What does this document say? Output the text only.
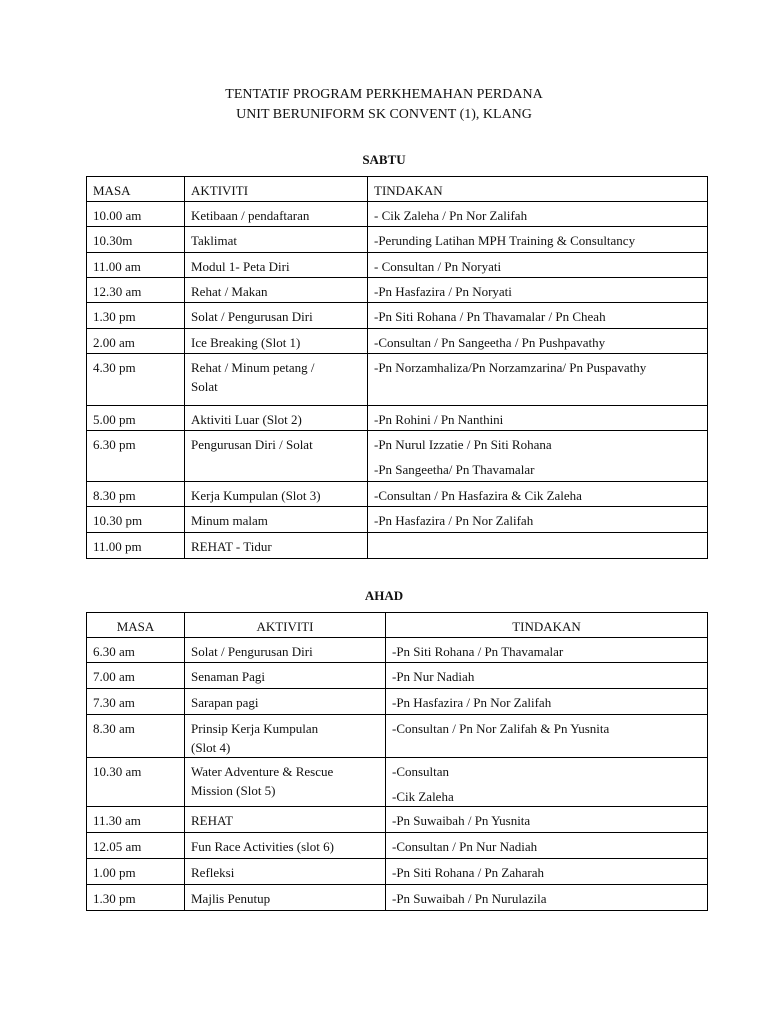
TENTATIF PROGRAM PERKHEMAHAN PERDANA
UNIT BERUNIFORM SK CONVENT (1), KLANG
SABTU
MASA	AKTIVITI	TINDAKAN
10.00 am	Ketibaan / pendaftaran	- Cik Zaleha / Pn Nor Zalifah

10.30m	Taklimat	-Perunding Latihan MPH Training & Consultancy

11.00 am	Modul 1- Peta Diri	- Consultan / Pn Noryati

12.30 am	Rehat / Makan	-Pn Hasfazira / Pn Noryati

1.30 pm	Solat / Pengurusan Diri	-Pn Siti Rohana / Pn Thavamalar / Pn Cheah

2.00 am	Ice Breaking (Slot 1)	-Consultan / Pn Sangeetha / Pn Pushpavathy

4.30 pm	Rehat / Minum petang /
Solat	-Pn Norzamhaliza/Pn Norzamzarina/ Pn Puspavathy

5.00 pm	Aktiviti Luar (Slot 2)	-Pn Rohini / Pn Nanthini

6.30 pm	Pengurusan Diri / Solat	-Pn Nurul Izzatie / Pn Siti Rohana
-Pn Sangeetha/ Pn Thavamalar

8.30 pm	Kerja Kumpulan (Slot 3)	-Consultan / Pn Hasfazira & Cik Zaleha

10.30 pm	Minum malam	-Pn Hasfazira / Pn Nor Zalifah

11.00 pm	REHAT - Tidur	

AHAD
MASA	AKTIVITI	TINDAKAN
6.30 am	Solat / Pengurusan Diri	-Pn Siti Rohana / Pn Thavamalar

7.00 am	Senaman Pagi	-Pn Nur Nadiah

7.30 am	Sarapan pagi	-Pn Hasfazira / Pn Nor Zalifah

8.30 am	Prinsip Kerja Kumpulan
(Slot 4)	-Consultan / Pn Nor Zalifah & Pn Yusnita

10.30 am	Water Adventure & Rescue
Mission (Slot 5)	-Consultan
-Cik Zaleha

11.30 am	REHAT	-Pn Suwaibah / Pn Yusnita

12.05 am	Fun Race Activities (slot 6)	-Consultan / Pn Nur Nadiah

1.00 pm	Refleksi	-Pn Siti Rohana / Pn Zaharah

1.30 pm	Majlis Penutup	-Pn Suwaibah / Pn Nurulazila
